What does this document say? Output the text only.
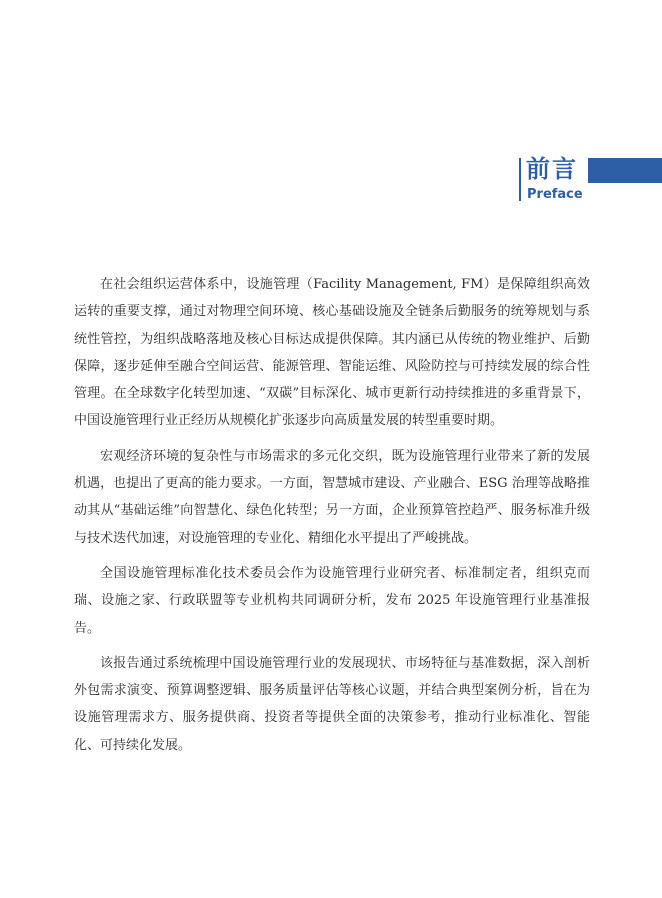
前言
Preface

在社会组织运营体系中，设施管理（Facility Management, FM）是保障组织高效运转的重要支撑，通过对物理空间环境、核心基础设施及全链条后勤服务的统筹规划与系统性管控，为组织战略落地及核心目标达成提供保障。其内涵已从传统的物业维护、后勤保障，逐步延伸至融合空间运营、能源管理、智能运维、风险防控与可持续发展的综合性管理。在全球数字化转型加速、“双碳”目标深化、城市更新行动持续推进的多重背景下，中国设施管理行业正经历从规模化扩张逐步向高质量发展的转型重要时期。

宏观经济环境的复杂性与市场需求的多元化交织，既为设施管理行业带来了新的发展机遇，也提出了更高的能力要求。一方面，智慧城市建设、产业融合、ESG 治理等战略推动其从“基础运维”向智慧化、绿色化转型；另一方面，企业预算管控趋严、服务标准升级与技术迭代加速，对设施管理的专业化、精细化水平提出了严峻挑战。

全国设施管理标准化技术委员会作为设施管理行业研究者、标准制定者，组织克而瑞、设施之家、行政联盟等专业机构共同调研分析，发布 2025 年设施管理行业基准报告。

该报告通过系统梳理中国设施管理行业的发展现状、市场特征与基准数据，深入剖析外包需求演变、预算调整逻辑、服务质量评估等核心议题，并结合典型案例分析，旨在为设施管理需求方、服务提供商、投资者等提供全面的决策参考，推动行业标准化、智能化、可持续化发展。
